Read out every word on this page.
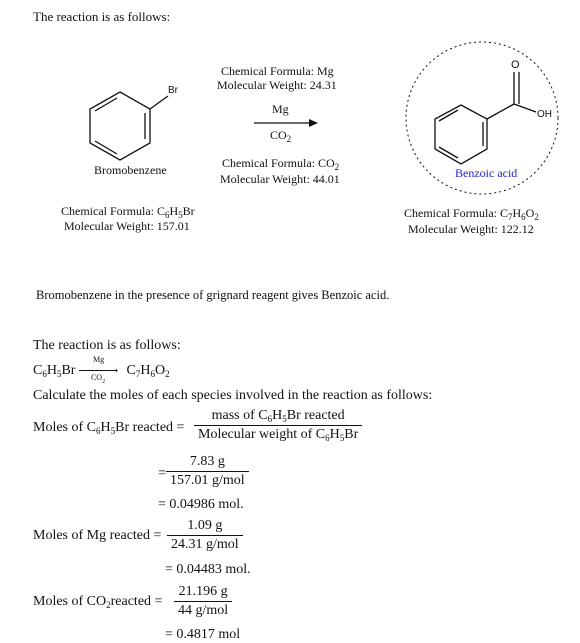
The reaction is as follows:
Br
O
OH
Bromobenzene
Chemical Formula: $C_6H_5Br$
Molecular Weight: 157.01
Chemical Formula: Mg
Molecular Weight: 24.31
Mg
$CO_2$
Chemical Formula: $CO_2$
Molecular Weight: 44.01	Benzoic acid
Chemical Formula: $C_7H_6O_2$
Molecular Weight: 122.12
Bromobenzene in the presence of grignard reagent gives Benzoic acid.
The reaction is as follows:
$C_6H_5Br$
Mg
›
$CO_2$
$C_7H_6O_2$
Calculate the moles of each species involved in the reaction as follows:
Moles of $C_6H_5Br$ reacted =
mass of $C_6H_5Br$ reacted
Molecular weight of $C_6H_5Br$
=
7.83 g
157.01 g/mol
= 0.04986 mol.
Moles of Mg reacted =
1.09 g
24.31 g/mol
= 0.04483 mol.
Moles of $CO_2reacted$ =
21.196 g
44 g/mol
= 0.4817 mol
